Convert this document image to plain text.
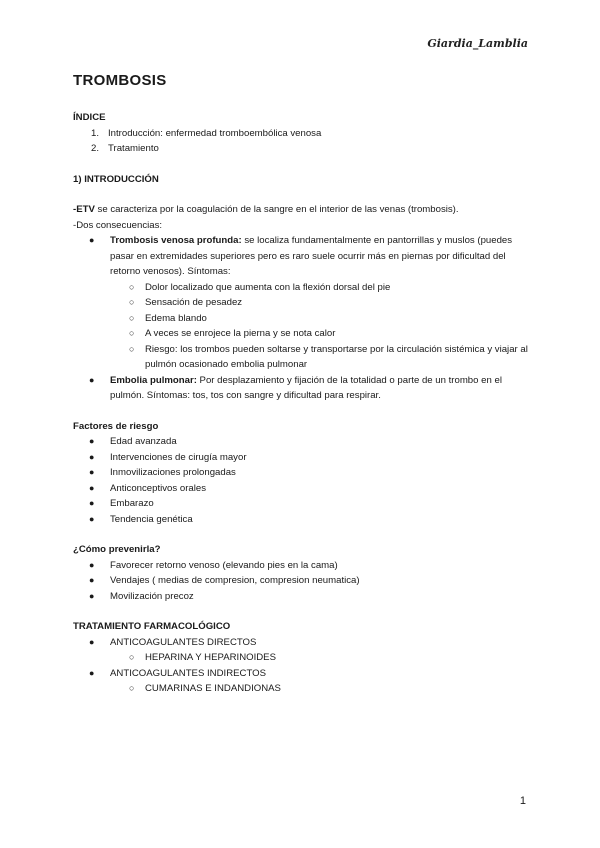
Giardia_Lamblia
TROMBOSIS

ÍNDICE

1. Introducción: enfermedad tromboembólica venosa
2. Tratamiento

1) INTRODUCCIÓN

-ETV se caracteriza por la coagulación de la sangre en el interior de las venas (trombosis).

-Dos consecuencias:

● Trombosis venosa profunda: se localiza fundamentalmente en pantorrillas y muslos (puedes pasar en extremidades superiores pero es raro suele ocurrir más en piernas por dificultad del retorno venosos). Síntomas:
○ Dolor localizado que aumenta con la flexión dorsal del pie
○ Sensación de pesadez
○ Edema blando
○ A veces se enrojece la pierna y se nota calor
○ Riesgo: los trombos pueden soltarse y transportarse por la circulación sistémica y viajar al pulmón ocasionado embolia pulmonar
● Embolia pulmonar: Por desplazamiento y fijación de la totalidad o parte de un trombo en el pulmón. Síntomas: tos, tos con sangre y dificultad para respirar.

Factores de riesgo

● Edad avanzada
● Intervenciones de cirugía mayor
● Inmovilizaciones prolongadas
● Anticonceptivos orales
● Embarazo
● Tendencia genética

¿Cómo prevenirla?

● Favorecer retorno venoso (elevando pies en la cama)
● Vendajes ( medias de compresion, compresion neumatica)
● Movilización precoz

TRATAMIENTO FARMACOLÓGICO

● ANTICOAGULANTES DIRECTOS
○ HEPARINA Y HEPARINOIDES
● ANTICOAGULANTES INDIRECTOS
○ CUMARINAS E INDANDIONAS
1
